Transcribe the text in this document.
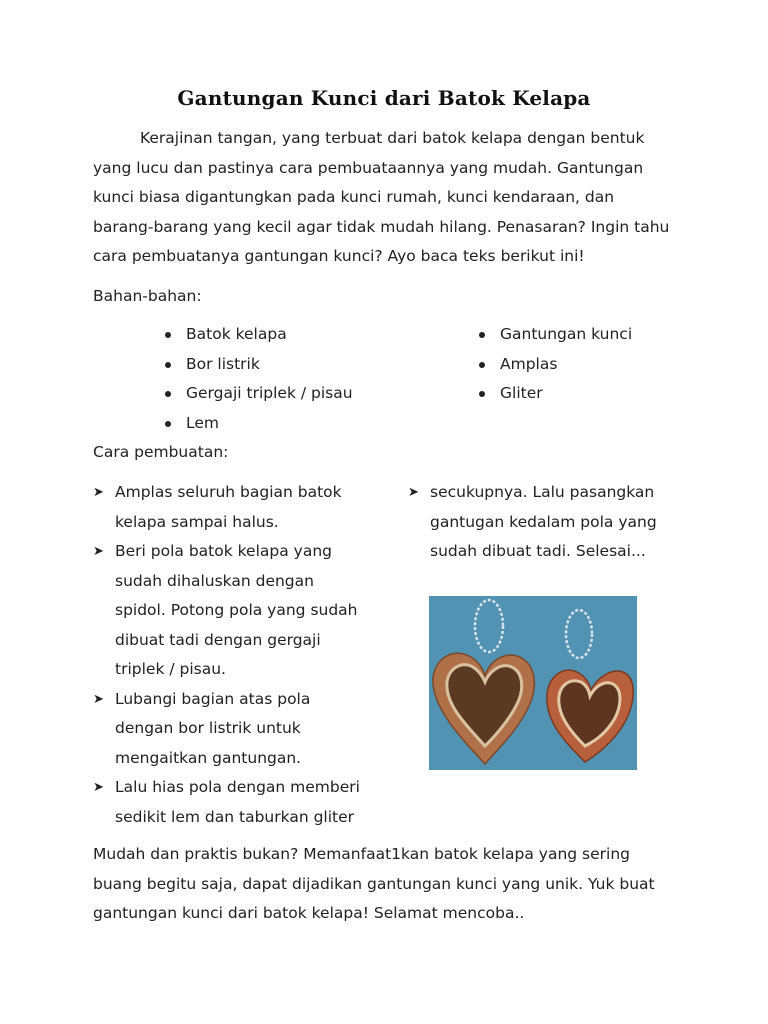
Gantungan Kunci dari Batok Kelapa

Kerajinan tangan, yang terbuat dari batok kelapa dengan bentuk yang lucu dan pastinya cara pembuataannya yang mudah. Gantungan kunci biasa digantungkan pada kunci rumah, kunci kendaraan, dan barang-barang yang kecil agar tidak mudah hilang. Penasaran? Ingin tahu cara pembuatanya gantungan kunci? Ayo baca teks berikut ini!

Bahan-bahan:
Batok kelapa
Bor listrik
Gergaji triplek / pisau
Lem
Gantungan kunci
Amplas
Gliter
Cara pembuatan:
➤ Amplas seluruh bagian batok kelapa sampai halus.
➤ Beri pola batok kelapa yang sudah dihaluskan dengan spidol. Potong pola yang sudah dibuat tadi dengan gergaji triplek / pisau.
➤ Lubangi bagian atas pola dengan bor listrik untuk mengaitkan gantungan.
➤ Lalu hias pola dengan memberi sedikit lem dan taburkan gliter
➤ secukupnya. Lalu pasangkan gantugan kedalam pola yang sudah dibuat tadi. Selesai...

Mudah dan praktis bukan? Memanfaat1kan batok kelapa yang sering buang begitu saja, dapat dijadikan gantungan kunci yang unik. Yuk buat gantungan kunci dari batok kelapa! Selamat mencoba..
